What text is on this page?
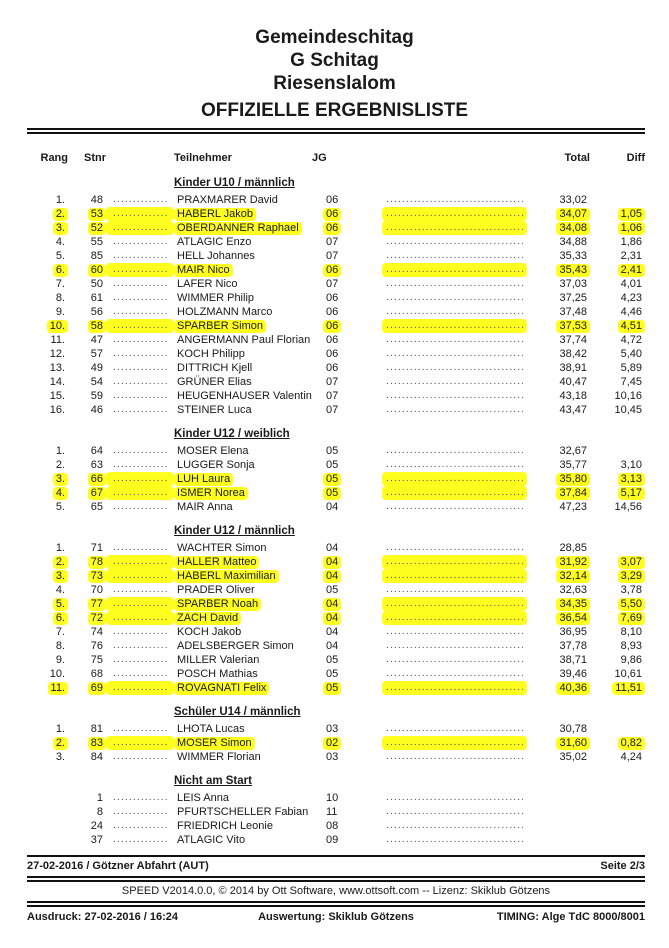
Gemeindeschitag
G Schitag
Riesenslalom
OFFIZIELLE ERGEBNISLISTE
Rang	Stnr	Teilnehmer	JG	Total	Diff
Kinder U10 / männlich
1.	48 .....	PRAXMARER David	06 .....	33,02
2.	53 .....	HABERL Jakob	06 .....	34,07	1,05
3.	52 .....	OBERDANNER Raphael	06 .....	34,08	1,06
4.	55 .....	ATLAGIC Enzo	07 .....	34,88	1,86
5.	85 .....	HELL Johannes	07 .....	35,33	2,31
6.	60 .....	MAIR Nico	06 .....	35,43	2,41
7.	50 .....	LAFER Nico	07 .....	37,03	4,01
8.	61 .....	WIMMER Philip	06 .....	37,25	4,23
9.	56 .....	HOLZMANN Marco	06 .....	37,48	4,46
10.	58 .....	SPARBER Simon	06 .....	37,53	4,51
11.	47 .....	ANGERMANN Paul Florian	06 .....	37,74	4,72
12.	57 .....	KOCH Philipp	06 .....	38,42	5,40
13.	49 .....	DITTRICH Kjell	06 .....	38,91	5,89
14.	54 .....	GRÜNER Elias	07 .....	40,47	7,45
15.	59 .....	HEUGENHAUSER Valentin	07 .....	43,18	10,16
16.	46 .....	STEINER Luca	07 .....	43,47	10,45
Kinder U12 / weiblich
1.	64 .....	MOSER Elena	05 .....	32,67
2.	63 .....	LUGGER Sonja	05 .....	35,77	3,10
3.	66 .....	LUH Laura	05 .....	35,80	3,13
4.	67 .....	ISMER Norea	05 .....	37,84	5,17
5.	65 .....	MAIR Anna	04 .....	47,23	14,56
Kinder U12 / männlich
1.	71 .....	WACHTER Simon	04 .....	28,85
2.	78 .....	HALLER Matteo	04 .....	31,92	3,07
3.	73 .....	HABERL Maximilian	04 .....	32,14	3,29
4.	70 .....	PRADER Oliver	05 .....	32,63	3,78
5.	77 .....	SPARBER Noah	04 .....	34,35	5,50
6.	72 .....	ZACH David	04 .....	36,54	7,69
7.	74 .....	KOCH Jakob	04 .....	36,95	8,10
8.	76 .....	ADELSBERGER Simon	04 .....	37,78	8,93
9.	75 .....	MILLER Valerian	05 .....	38,71	9,86
10.	68 .....	POSCH Mathias	05 .....	39,46	10,61
11.	69 .....	ROVAGNATI Felix	05 .....	40,36	11,51
Schüler U14 / männlich
1.	81 .....	LHOTA Lucas	03 .....	30,78
2.	83 .....	MOSER Simon	02 .....	31,60	0,82
3.	84 .....	WIMMER Florian	03 .....	35,02	4,24
Nicht am Start
1 .....	LEIS Anna	10
.....
8 .....	PFURTSCHELLER Fabian	11
.....
24 .....	FRIEDRICH Leonie	08
.....
37 .....	ATLAGIC Vito	09
.....
27-02-2016 / Götzner Abfahrt (AUT)	Seite 2/3
SPEED V2014.0.0, © 2014 by Ott Software, www.ottsoft.com -- Lizenz: Skiklub Götzens
Ausdruck: 27-02-2016 / 16:24	Auswertung: Skiklub Götzens	TIMING: Alge TdC 8000/8001
